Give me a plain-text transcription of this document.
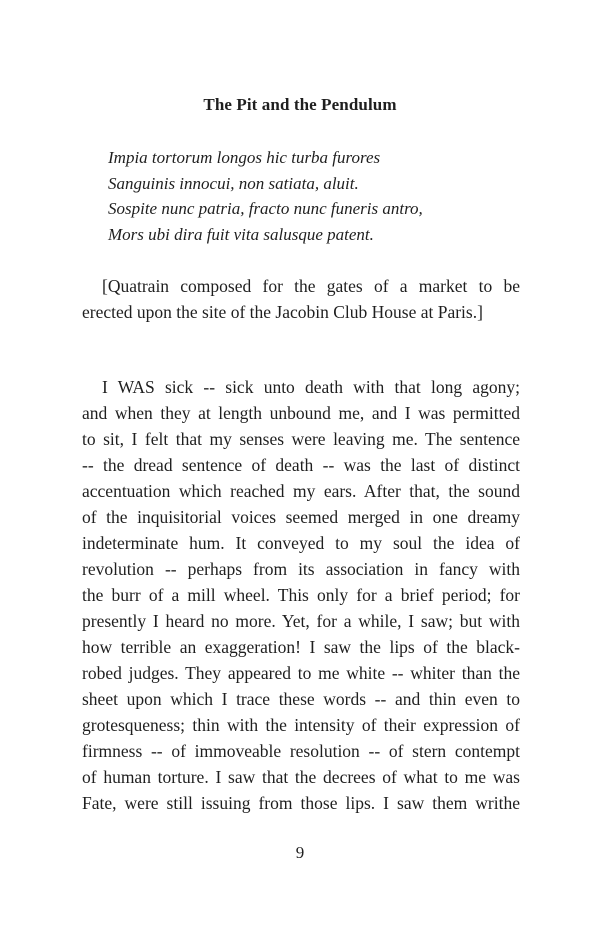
The Pit and the Pendulum
Impia tortorum longos hic turba furores
Sanguinis innocui, non satiata, aluit.
Sospite nunc patria, fracto nunc funeris antro,
Mors ubi dira fuit vita salusque patent.
[Quatrain composed for the gates of a market to be
erected upon the site of the Jacobin Club House at Paris.]
I WAS sick -- sick unto death with that long agony;
and when they at length unbound me, and I was permitted
to sit, I felt that my senses were leaving me. The sentence
-- the dread sentence of death -- was the last of distinct
accentuation which reached my ears. After that, the sound
of the inquisitorial voices seemed merged in one dreamy
indeterminate hum. It conveyed to my soul the idea of
revolution -- perhaps from its association in fancy with
the burr of a mill wheel. This only for a brief period; for
presently I heard no more. Yet, for a while, I saw; but with
how terrible an exaggeration! I saw the lips of the black-
robed judges. They appeared to me white -- whiter than the
sheet upon which I trace these words -- and thin even to
grotesqueness; thin with the intensity of their expression of
firmness -- of immoveable resolution -- of stern contempt
of human torture. I saw that the decrees of what to me was
Fate, were still issuing from those lips. I saw them writhe
9
